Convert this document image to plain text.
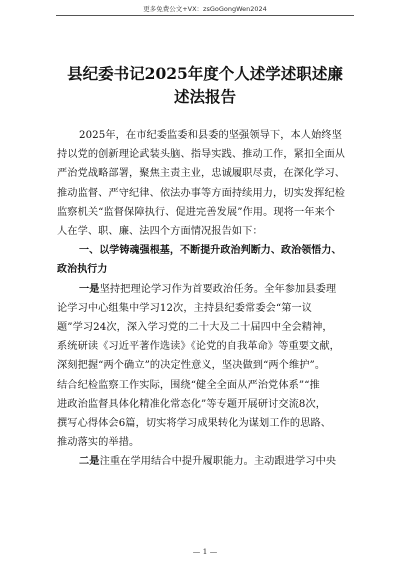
更多免费公文+VX：zsGoGongWen2024
县纪委书记2025年度个人述学述职述廉
述法报告

2025年，在市纪委监委和县委的坚强领导下，本人始终坚
持以党的创新理论武装头脑、指导实践、推动工作，紧扣全面从
严治党战略部署，聚焦主责主业，忠诚履职尽责，在深化学习、
推动监督、严守纪律、依法办事等方面持续用力，切实发挥纪检
监察机关“监督保障执行、促进完善发展”作用。现将一年来个
人在学、职、廉、法四个方面情况报告如下：

一、以学铸魂强根基，不断提升政治判断力、政治领悟力、
政治执行力

一是坚持把理论学习作为首要政治任务。全年参加县委理
论学习中心组集中学习12次，主持县纪委常委会“第一议
题”学习24次，深入学习党的二十大及二十届四中全会精神，
系统研读《习近平著作选读》《论党的自我革命》等重要文献，
深刻把握“两个确立”的决定性意义，坚决做到“两个维护”。
结合纪检监察工作实际，围绕“健全全面从严治党体系”“推
进政治监督具体化精准化常态化”等专题开展研讨交流8次，
撰写心得体会6篇，切实将学习成果转化为谋划工作的思路、
推动落实的举措。

二是注重在学用结合中提升履职能力。主动跟进学习中央

— 1 —
